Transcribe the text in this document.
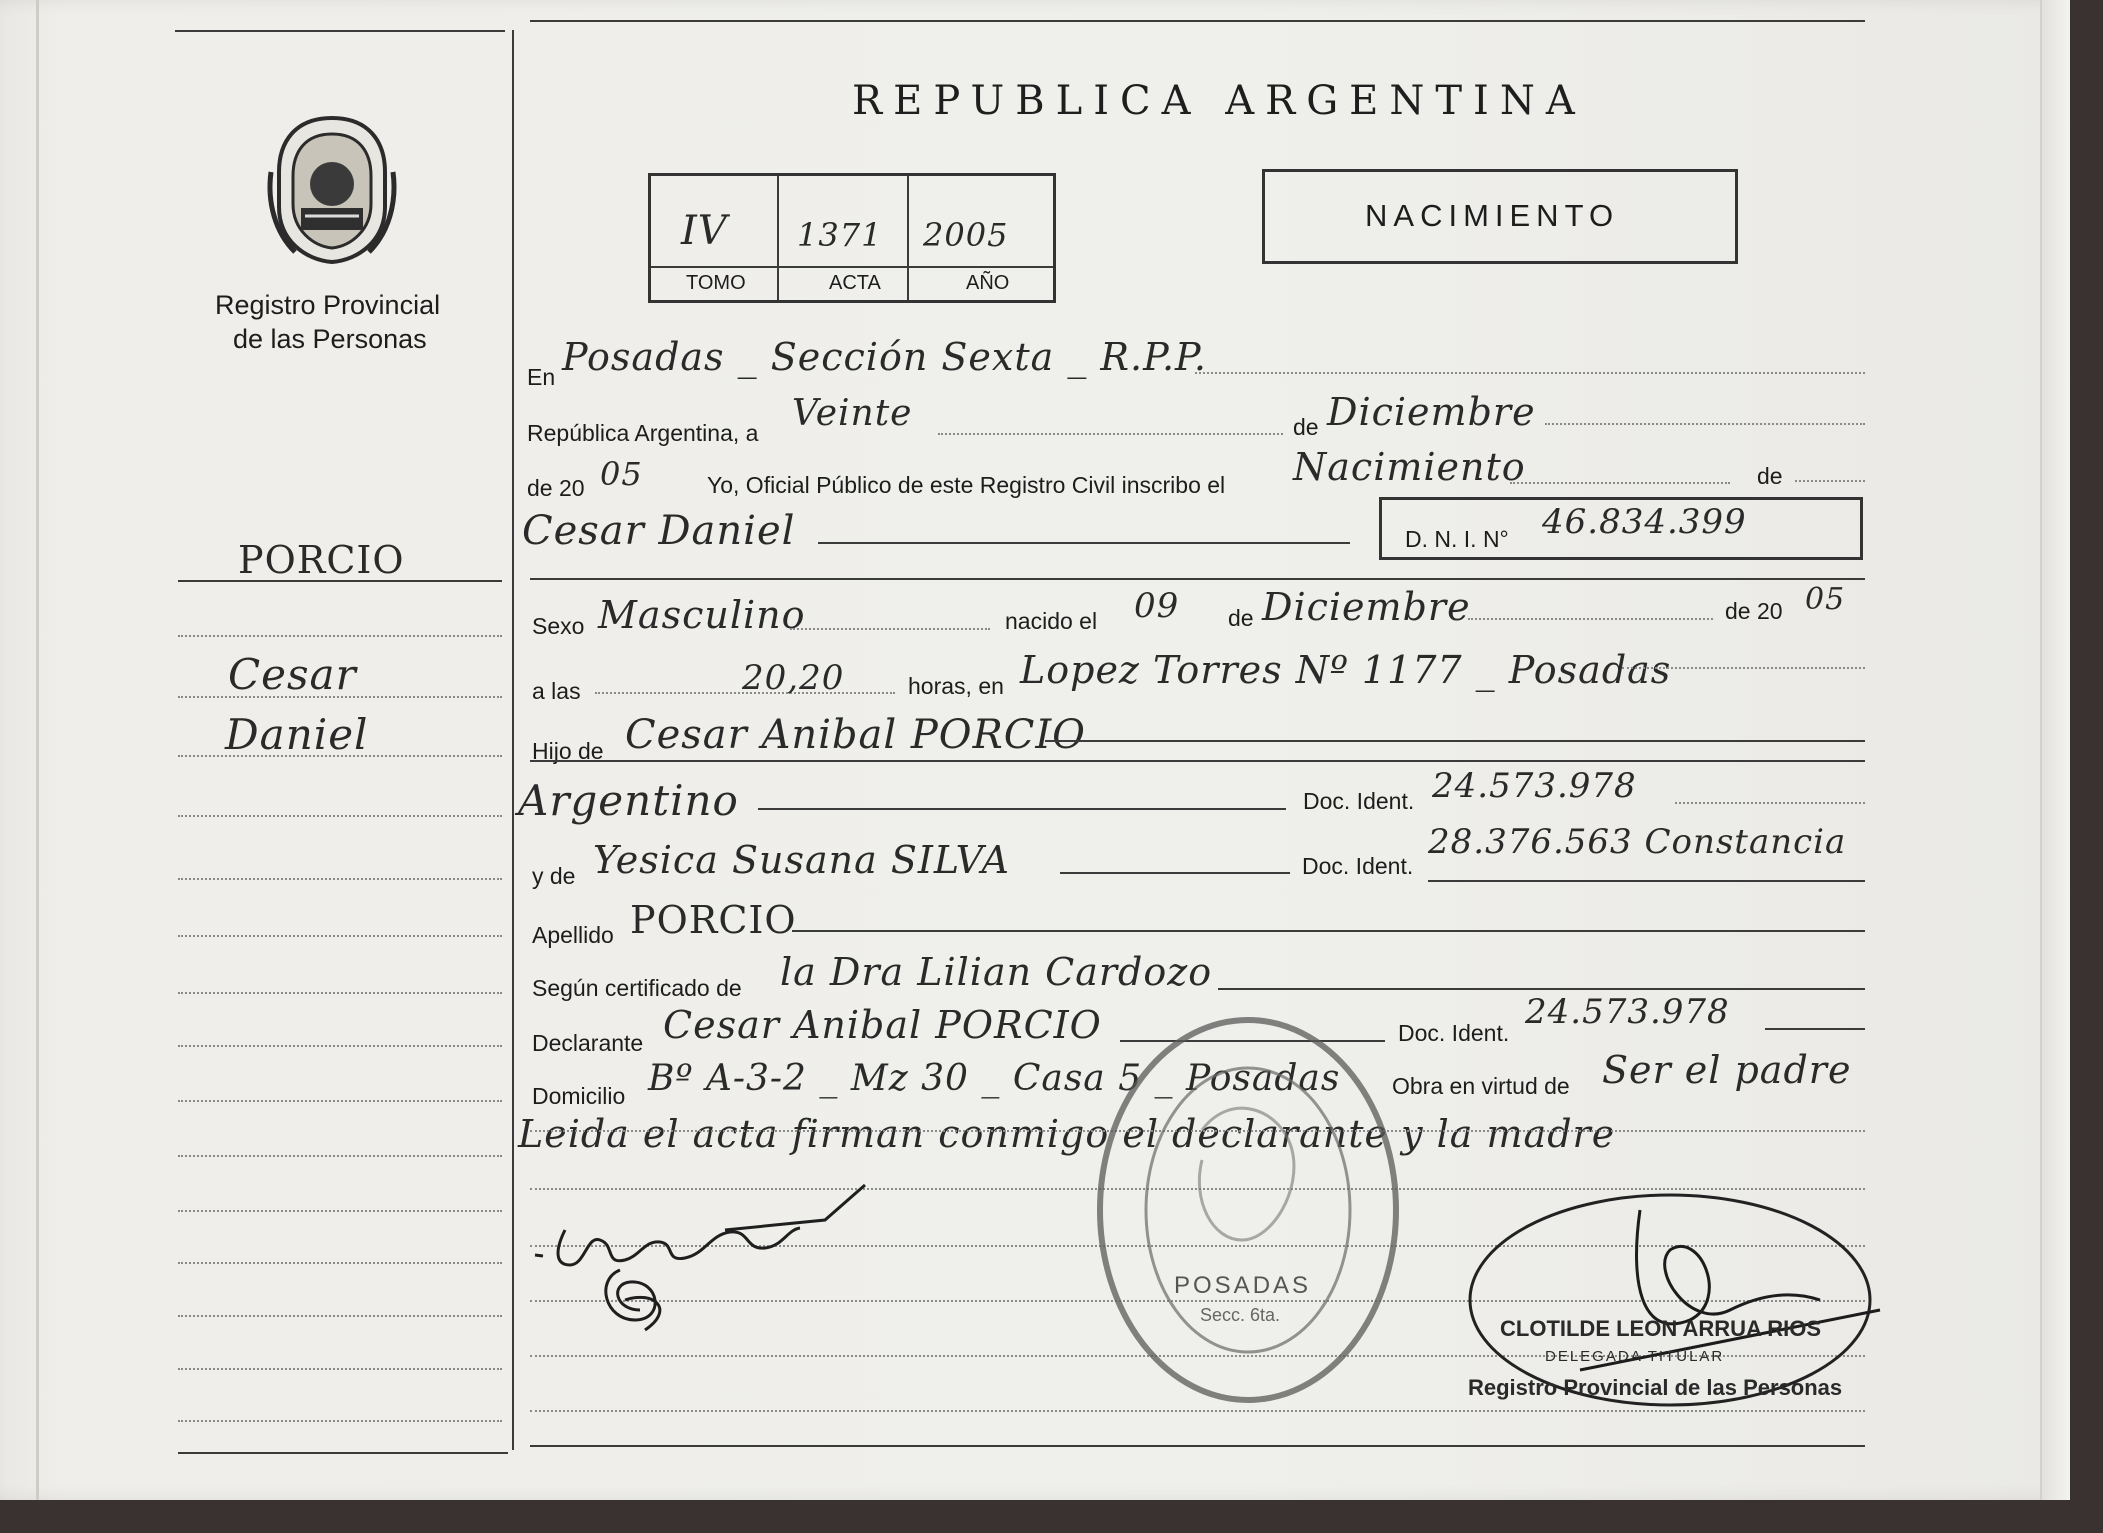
Registro Provincial
de las Personas
REPUBLICA ARGENTINA
IV 1371 2005
TOMO	ACTA	AÑO
NACIMIENTO
En Posadas _ Sección Sexta _ R.P.P.
República Argentina, a Veinte	de Diciembre
de 20 05	Yo, Oficial Público de este Registro Civil inscribo el Nacimiento	de
Cesar Daniel	D. N. I. N° 46.834.399
PORCIO
Cesar
Daniel
Sexo Masculino	nacido el 09 de Diciembre	de 20 05
a las	20,20	horas, en Lopez Torres Nº 1177 _ Posadas
Hijo de Cesar Anibal PORCIO
Argentino	Doc. Ident. 24.573.978
y de Yesica Susana SILVA	Doc. Ident.
28.376.563 Constancia
Apellido PORCIO
Según certificado de la Dra Lilian Cardozo
Declarante Cesar Anibal PORCIO	Doc. Ident.
24.573.978
Domicilio Bº A-3-2 _ Mz 30 _ Casa 5 _ Posadas Obra en virtud de Ser el padre
Leida el acta firman conmigo el declarante y la madre
POSADAS
Secc. 6ta.
CLOTILDE LEON ARRUA RIOS
DELEGADA TITULAR
Registro Provincial de las Personas
